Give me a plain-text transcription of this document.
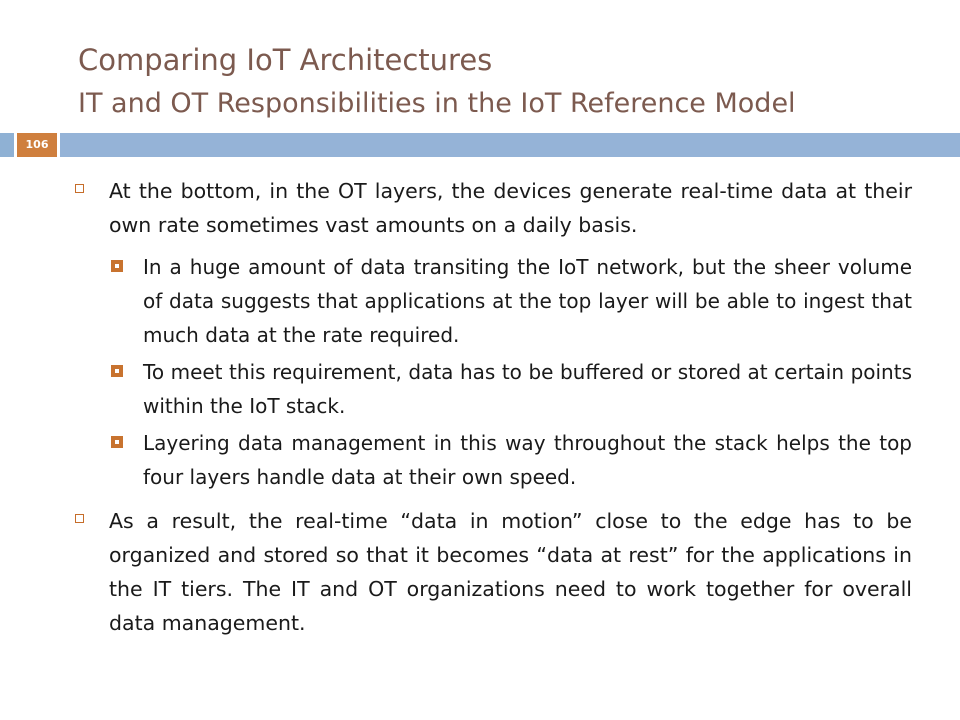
Comparing IoT Architectures
IT and OT Responsibilities in the IoT Reference Model
106
At the bottom, in the OT layers, the devices generate real-time data at their own rate sometimes vast amounts on a daily basis.
In a huge amount of data transiting the IoT network, but the sheer volume of data suggests that applications at the top layer will be able to ingest that much data at the rate required.
To meet this requirement, data has to be buffered or stored at certain points within the IoT stack.
Layering data management in this way throughout the stack helps the top four layers handle data at their own speed.
As a result, the real-time “data in motion” close to the edge has to be organized and stored so that it becomes “data at rest” for the applications in the IT tiers. The IT and OT organizations need to work together for overall data management.
